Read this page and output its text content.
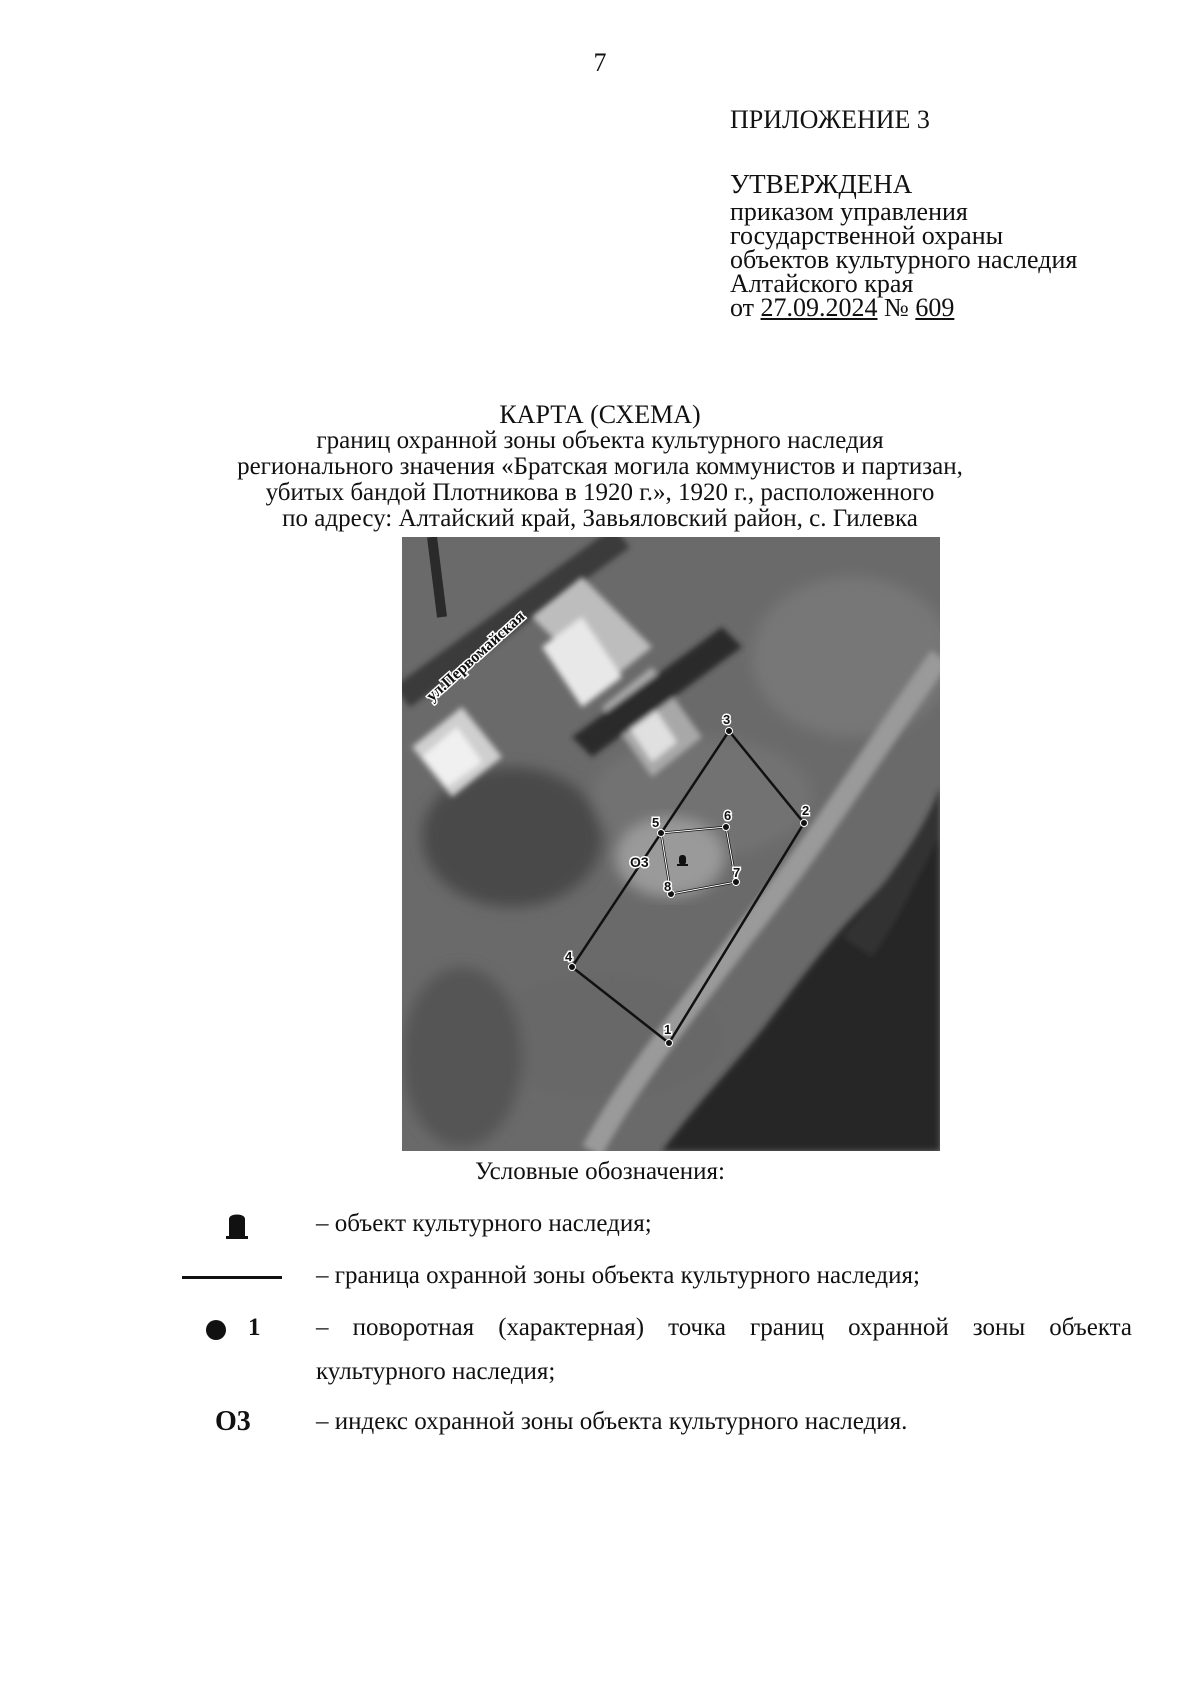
7
ПРИЛОЖЕНИЕ 3
УТВЕРЖДЕНА
приказом управления
государственной охраны
объектов культурного наследия
Алтайского края
от 27.09.2024 № 609
КАРТА (СХЕМА)
границ охранной зоны объекта культурного наследия
регионального значения «Братская могила коммунистов и партизан,
убитых бандой Плотникова в 1920 г.», 1920 г., расположенного
по адресу: Алтайский край, Завьяловский район, с. Гилевка
1
2
3
4
5	6
7
8
О3
ул.Первомайская
Условные обозначения:
– объект культурного наследия;
– граница охранной зоны объекта культурного наследия;
1 – поворотная (характерная) точка границ охранной зоны объекта
культурного наследия;
О3	– индекс охранной зоны объекта культурного наследия.
